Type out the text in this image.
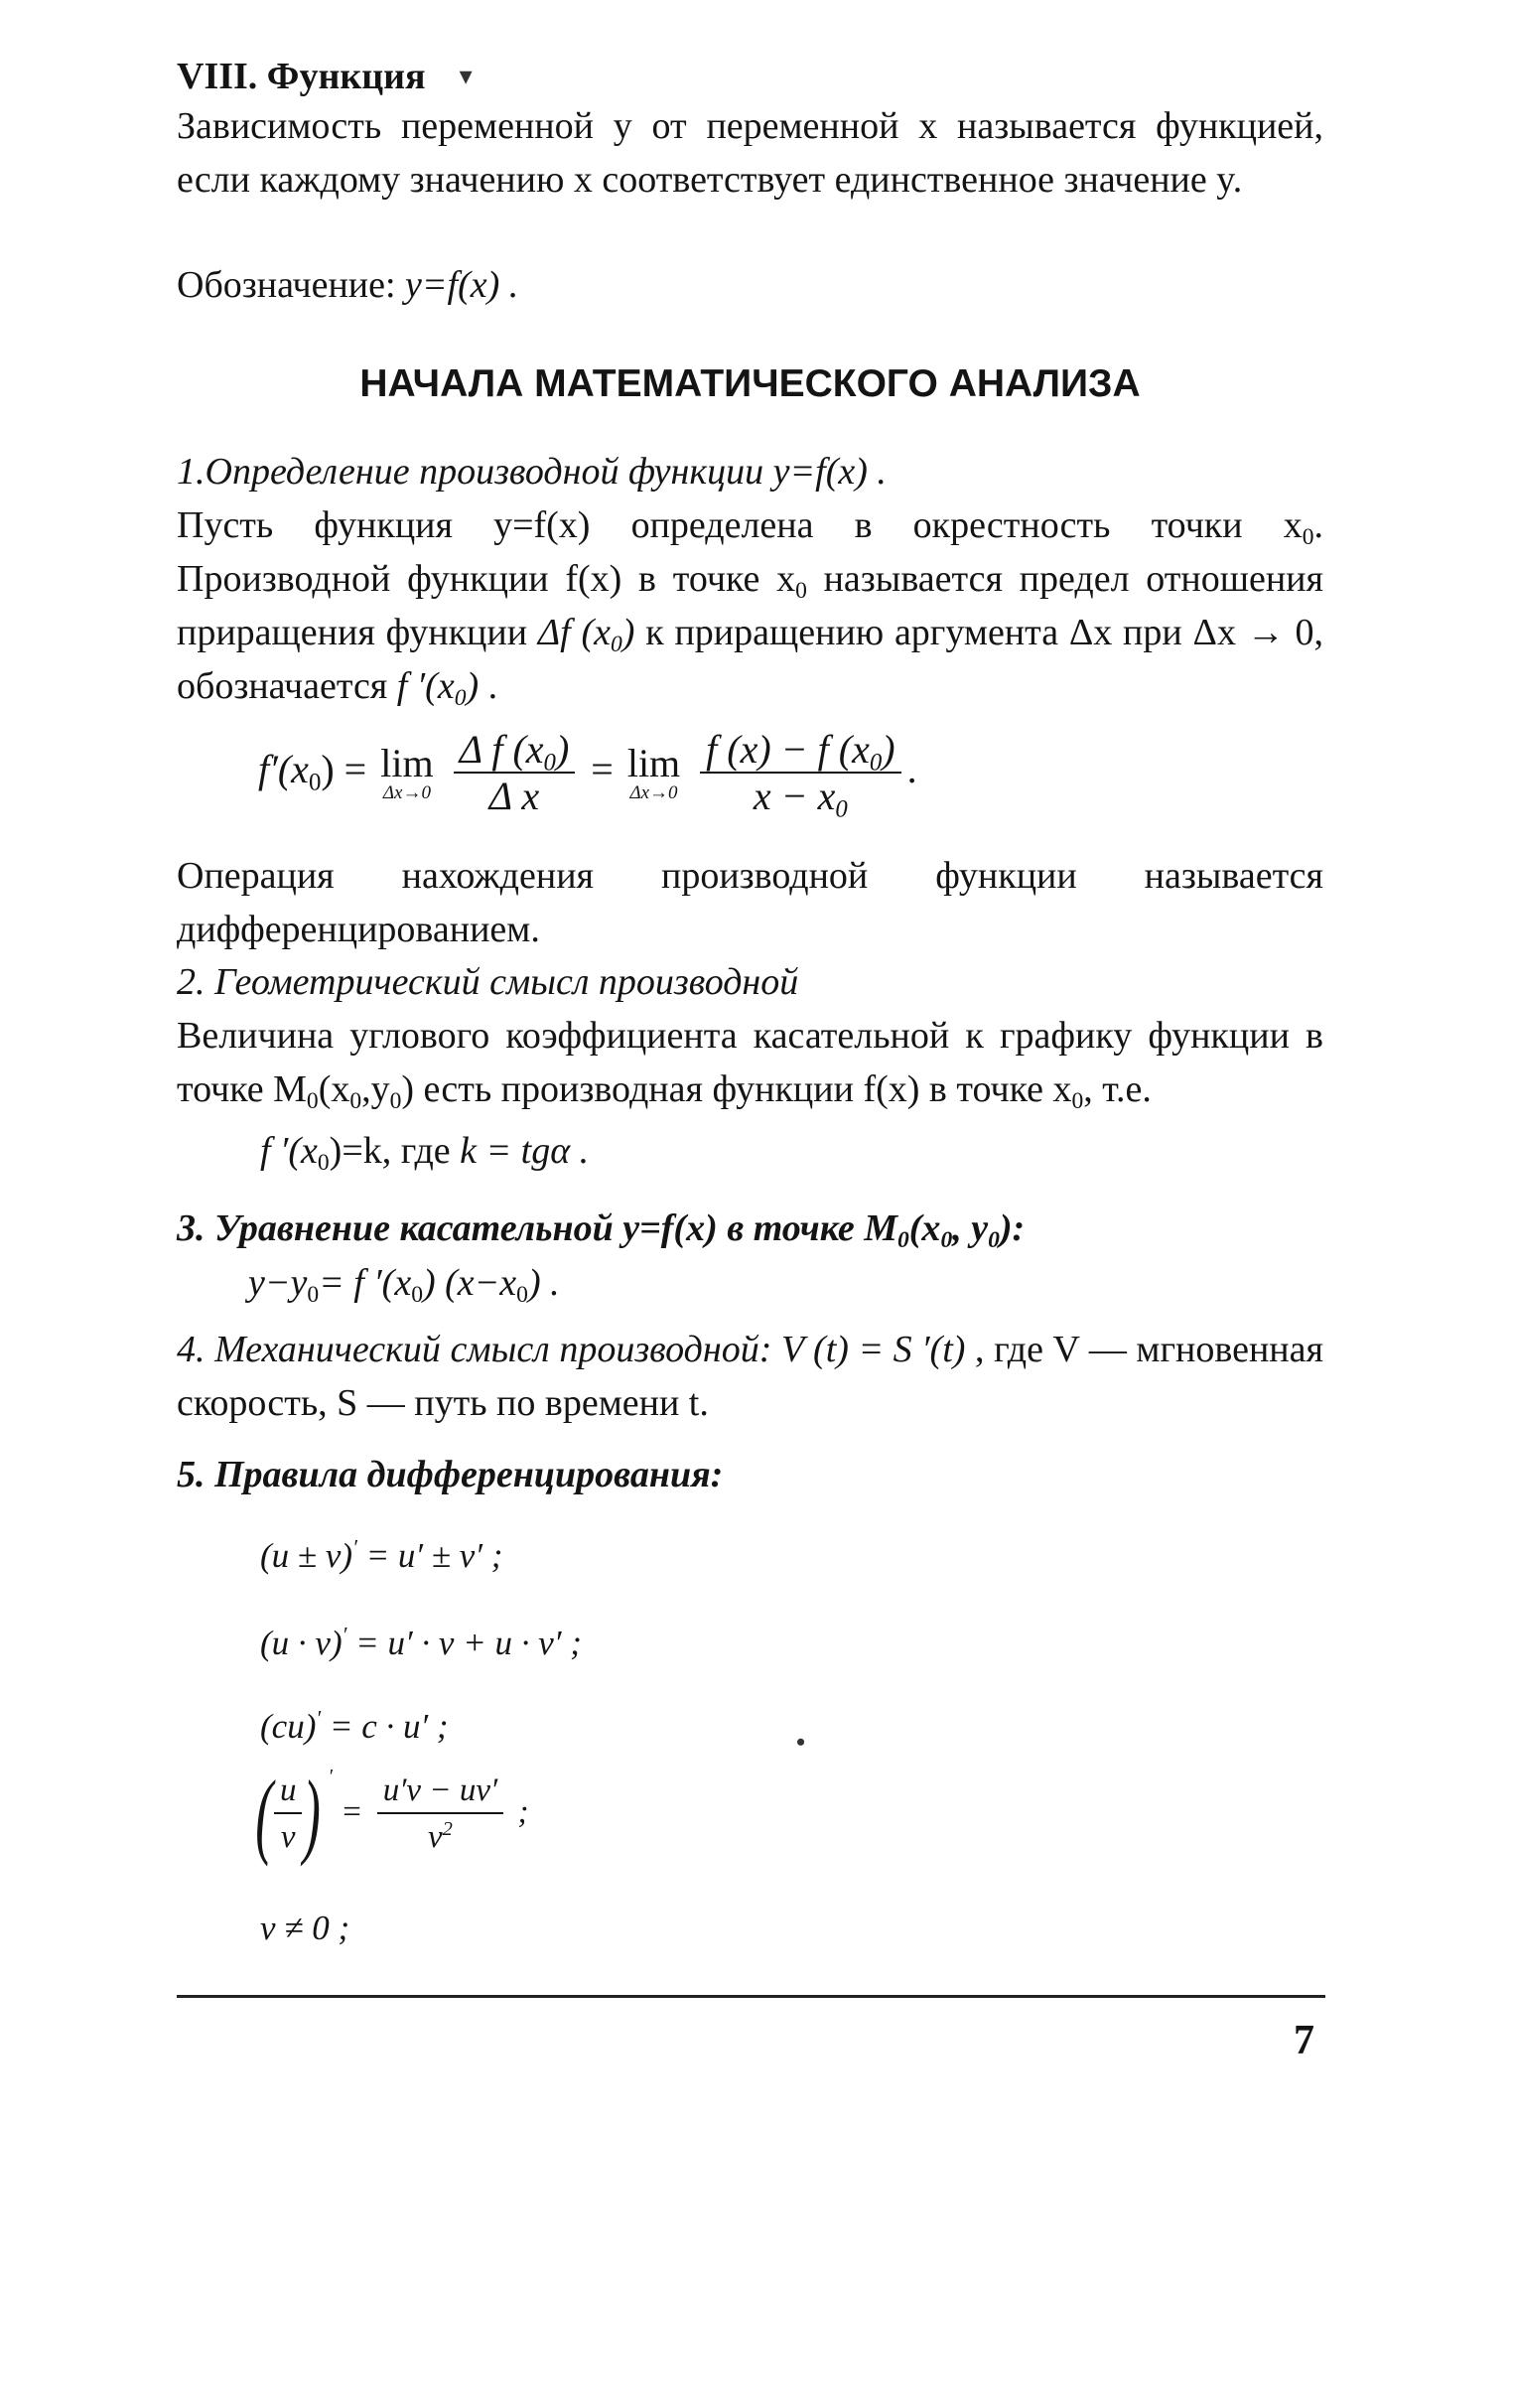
VIII. Функция ▾
Зависимость переменной y от переменной x называется функцией, если каждому значению x соответствует единственное значение y.
Обозначение: y=f(x) .
НАЧАЛА МАТЕМАТИЧЕСКОГО АНАЛИЗА
1.Определение производной функции y=f(x) .
Пусть функция y=f(x) определена в окрестность точки $x_0$. Производной функции f(x) в точке $x_0$ называется предел отношения приращения функции Δf $(x_0)$ к приращению аргумента Δx при Δx → 0, обозначается f $'(x_0)$ .
$f'(x_0) = \lim$
Δx→0
$\frac{\Delta f (x_0)}{\text{Δ x}} = \lim$
Δx→0
$\frac{f (x) - f (x_0)}{x - x_0}$ .
Операция нахождения производной функции называется дифференцированием.
2. Геометрический смысл производной
Величина углового коэффициента касательной к графику функции в точке $M_0(x_0,y_0)$ есть производная функции f(x) в точке $x_0$, т.е.
f $'(x_0)=k$, где k = tgα .
3. Уравнение касательной y=f(x) в точке $M_0(x_0$, $y_0$):
$y-y_0= f$ $'(x_0)$ $(x-x_0)$ .
4. Механический смысл производной: V (t) = S ′(t) , где V — мгновенная скорость, S — путь по времени t.
5. Правила дифференцирования:
(u ± v)′ = u′ ± v′ ;
(u · v)′ = u′ · v + u · v′ ;
(cu)′ = c · u′ ;	•
( $\frac{u}{v}$ ) $' = \frac{u'v - uv'}{v^2}$ ;
v ≠ 0 ;
7
